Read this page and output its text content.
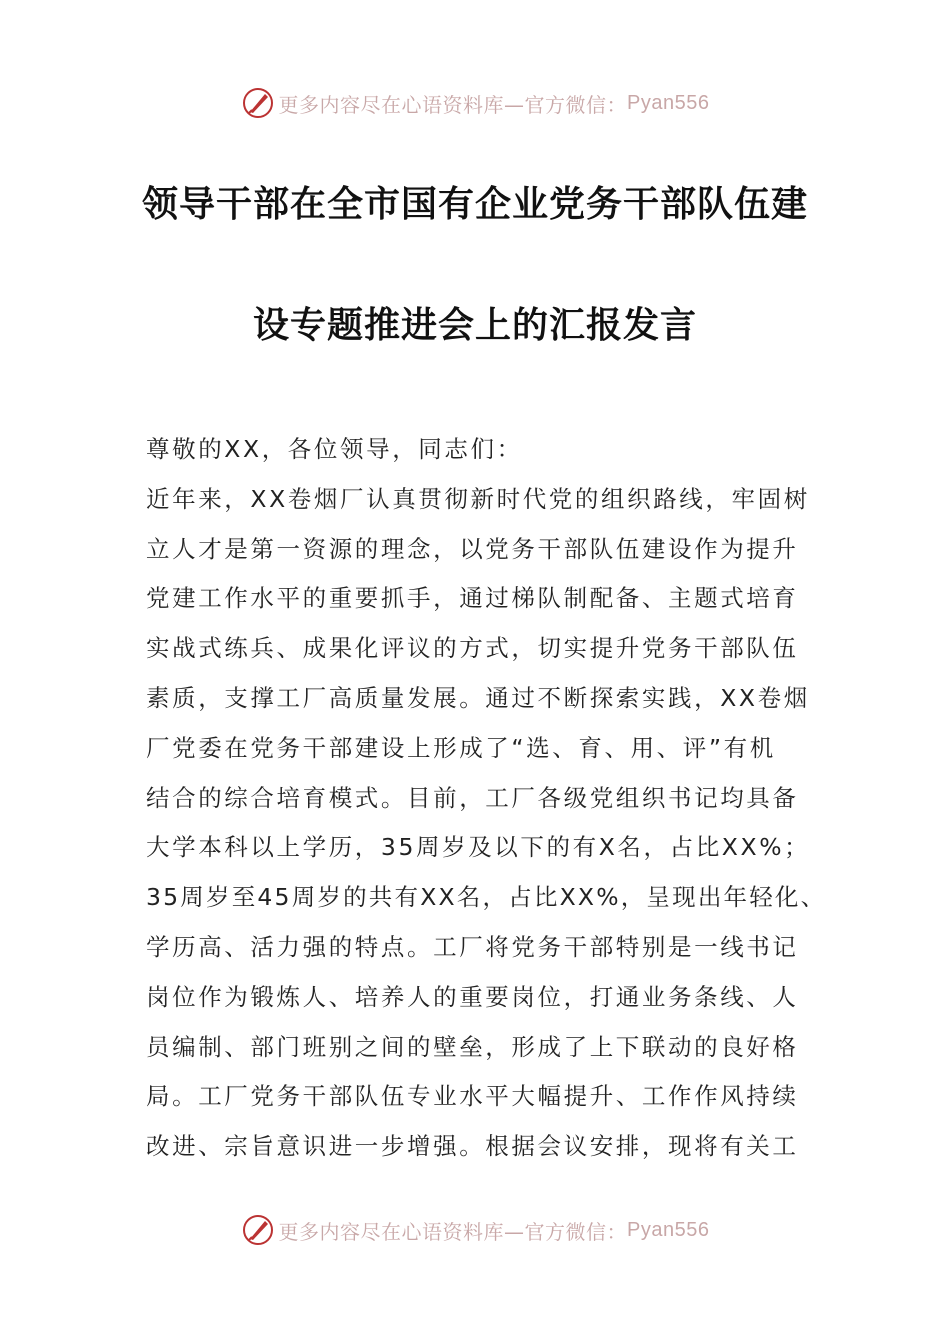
更多内容尽在心语资料库—官方微信： Pyan556
领导干部在全市国有企业党务干部队伍建
设专题推进会上的汇报发言
尊敬的XX，各位领导，同志们：
近年来，XX卷烟厂认真贯彻新时代党的组织路线，牢固树
立人才是第一资源的理念，以党务干部队伍建设作为提升
党建工作水平的重要抓手，通过梯队制配备、主题式培育
实战式练兵、成果化评议的方式，切实提升党务干部队伍
素质，支撑工厂高质量发展。通过不断探索实践，XX卷烟
厂党委在党务干部建设上形成了“选、育、用、评”有机
结合的综合培育模式。目前，工厂各级党组织书记均具备
大学本科以上学历，35周岁及以下的有X名，占比XX%；
35周岁至45周岁的共有XX名，占比XX%，呈现出年轻化、
学历高、活力强的特点。工厂将党务干部特别是一线书记
岗位作为锻炼人、培养人的重要岗位，打通业务条线、人
员编制、部门班别之间的壁垒，形成了上下联动的良好格
局。工厂党务干部队伍专业水平大幅提升、工作作风持续
改进、宗旨意识进一步增强。根据会议安排，现将有关工
更多内容尽在心语资料库—官方微信： Pyan556
